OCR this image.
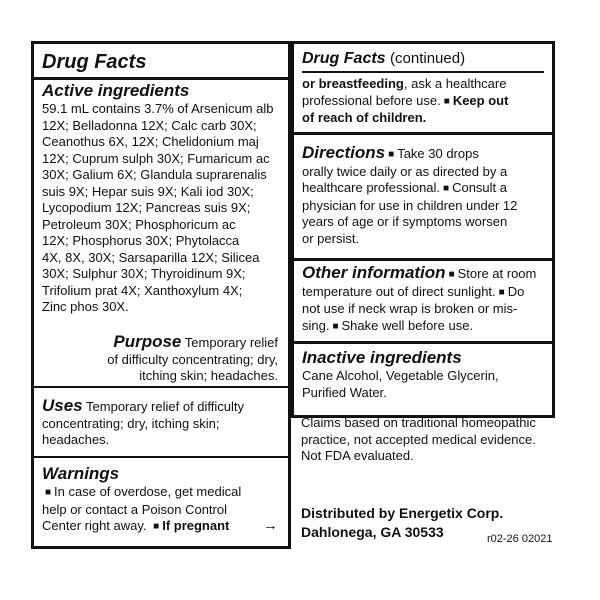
Drug Facts
Active ingredients
59.1 mL contains 3.7% of Arsenicum alb
12X; Belladonna 12X; Calc carb 30X;
Ceanothus 6X, 12X; Chelidonium maj
12X; Cuprum sulph 30X; Fumaricum ac
30X; Galium 6X; Glandula suprarenalis
suis 9X; Hepar suis 9X; Kali iod 30X;
Lycopodium 12X; Pancreas suis 9X;
Petroleum 30X; Phosphoricum ac
12X; Phosphorus 30X; Phytolacca
4X, 8X, 30X; Sarsaparilla 12X; Silicea
30X; Sulphur 30X; Thyroidinum 9X;
Trifolium prat 4X; Xanthoxylum 4X;
Zinc phos 30X.
Purpose Temporary relief
of difficulty concentrating; dry,
itching skin; headaches.
Uses Temporary relief of difficulty
concentrating; dry, itching skin;
headaches.
Warnings
■ In case of overdose, get medical
help or contact a Poison Control
Center right away. ■ If pregnant →
Drug Facts (continued)
or breastfeeding, ask a healthcare
professional before use. ■ Keep out
of reach of children.
Directions ■ Take 30 drops
orally twice daily or as directed by a
healthcare professional. ■ Consult a
physician for use in children under 12
years of age or if symptoms worsen
or persist.
Other information ■ Store at room
temperature out of direct sunlight. ■ Do
not use if neck wrap is broken or mis-
sing. ■ Shake well before use.
Inactive ingredients
Cane Alcohol, Vegetable Glycerin,
Purified Water.
Claims based on traditional homeopathic
practice, not accepted medical evidence.
Not FDA evaluated.
Distributed by Energetix Corp.
Dahlonega, GA 30533	r02-26 02021
